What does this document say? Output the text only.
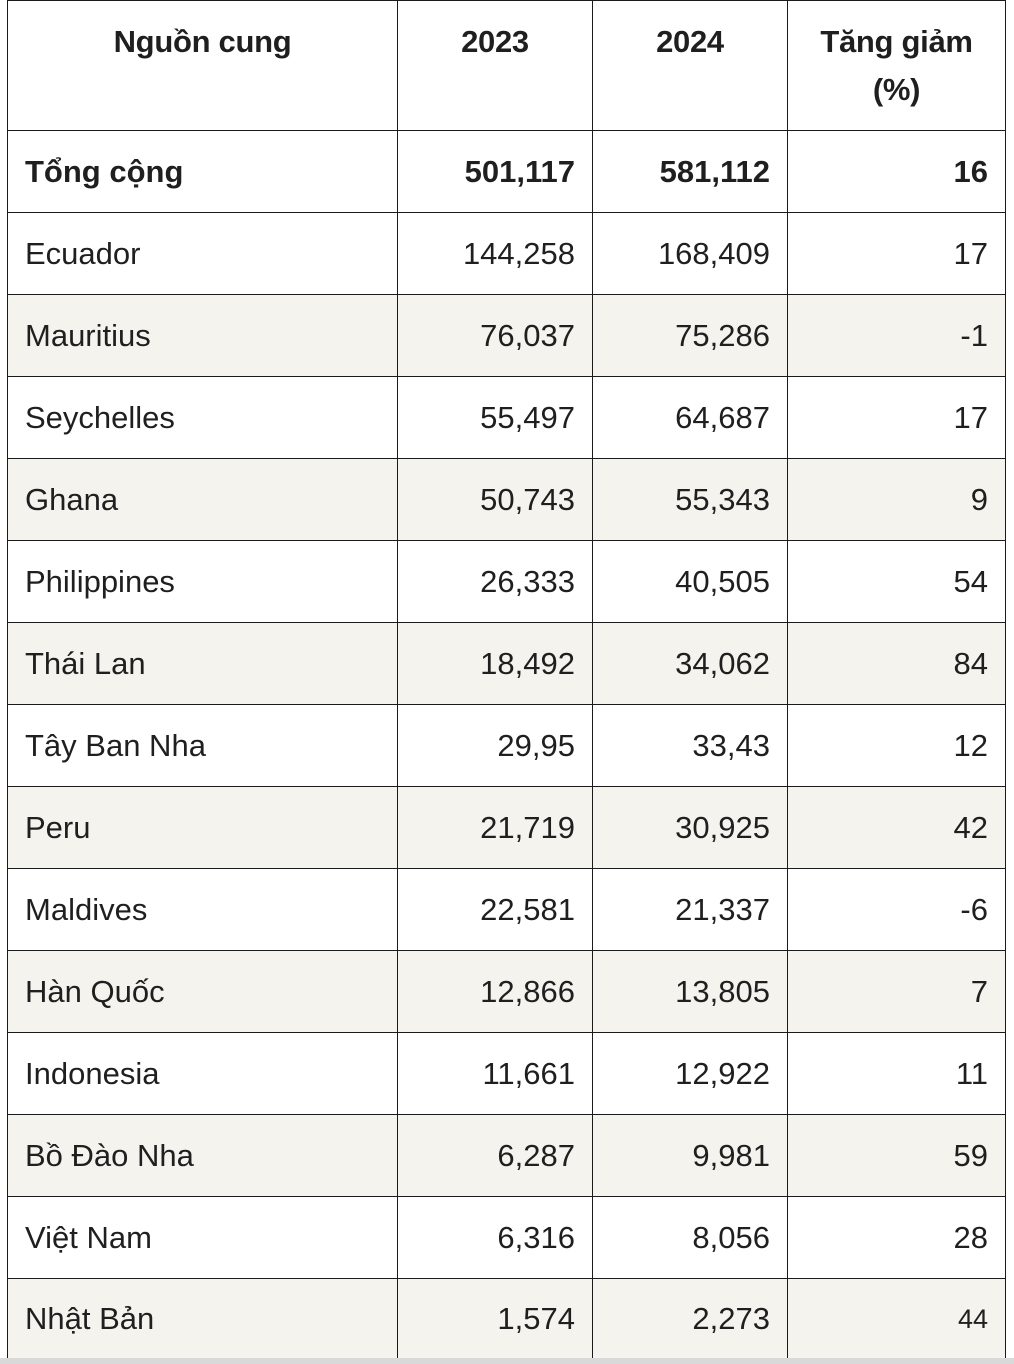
Nguồn cung	2023	2024	Tăng giảm (%)
Tổng cộng	501,117	581,112	16
Ecuador	144,258	168,409	17
Mauritius	76,037	75,286	-1
Seychelles	55,497	64,687	17
Ghana	50,743	55,343	9
Philippines	26,333	40,505	54
Thái Lan	18,492	34,062	84
Tây Ban Nha	29,95	33,43	12
Peru	21,719	30,925	42
Maldives	22,581	21,337	-6
Hàn Quốc	12,866	13,805	7
Indonesia	11,661	12,922	11
Bồ Đào Nha	6,287	9,981	59
Việt Nam	6,316	8,056	28
Nhật Bản	1,574	2,273	44
